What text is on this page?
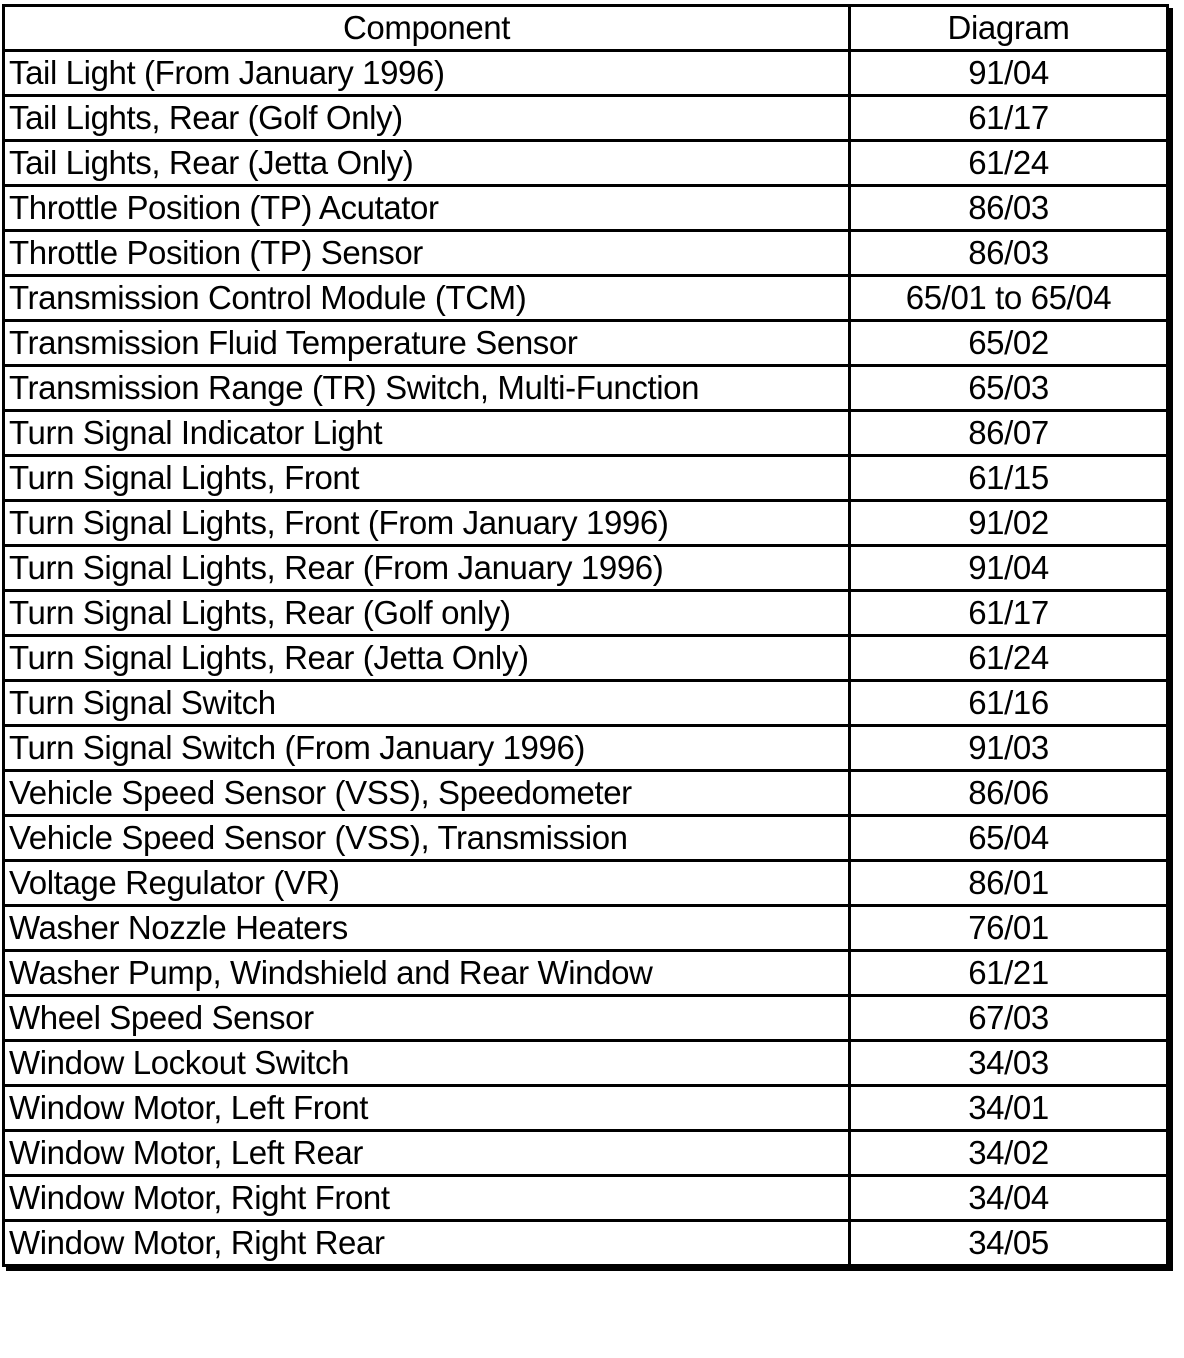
Component	Diagram
Tail Light (From January 1996)	91/04
Tail Lights, Rear (Golf Only)	61/17
Tail Lights, Rear (Jetta Only)	61/24
Throttle Position (TP) Acutator	86/03
Throttle Position (TP) Sensor	86/03
Transmission Control Module (TCM)	65/01 to 65/04
Transmission Fluid Temperature Sensor	65/02
Transmission Range (TR) Switch, Multi-Function	65/03
Turn Signal Indicator Light	86/07
Turn Signal Lights, Front	61/15
Turn Signal Lights, Front (From January 1996)	91/02
Turn Signal Lights, Rear (From January 1996)	91/04
Turn Signal Lights, Rear (Golf only)	61/17
Turn Signal Lights, Rear (Jetta Only)	61/24
Turn Signal Switch	61/16
Turn Signal Switch (From January 1996)	91/03
Vehicle Speed Sensor (VSS), Speedometer	86/06
Vehicle Speed Sensor (VSS), Transmission	65/04
Voltage Regulator (VR)	86/01
Washer Nozzle Heaters	76/01
Washer Pump, Windshield and Rear Window	61/21
Wheel Speed Sensor	67/03
Window Lockout Switch	34/03
Window Motor, Left Front	34/01
Window Motor, Left Rear	34/02
Window Motor, Right Front	34/04
Window Motor, Right Rear	34/05
